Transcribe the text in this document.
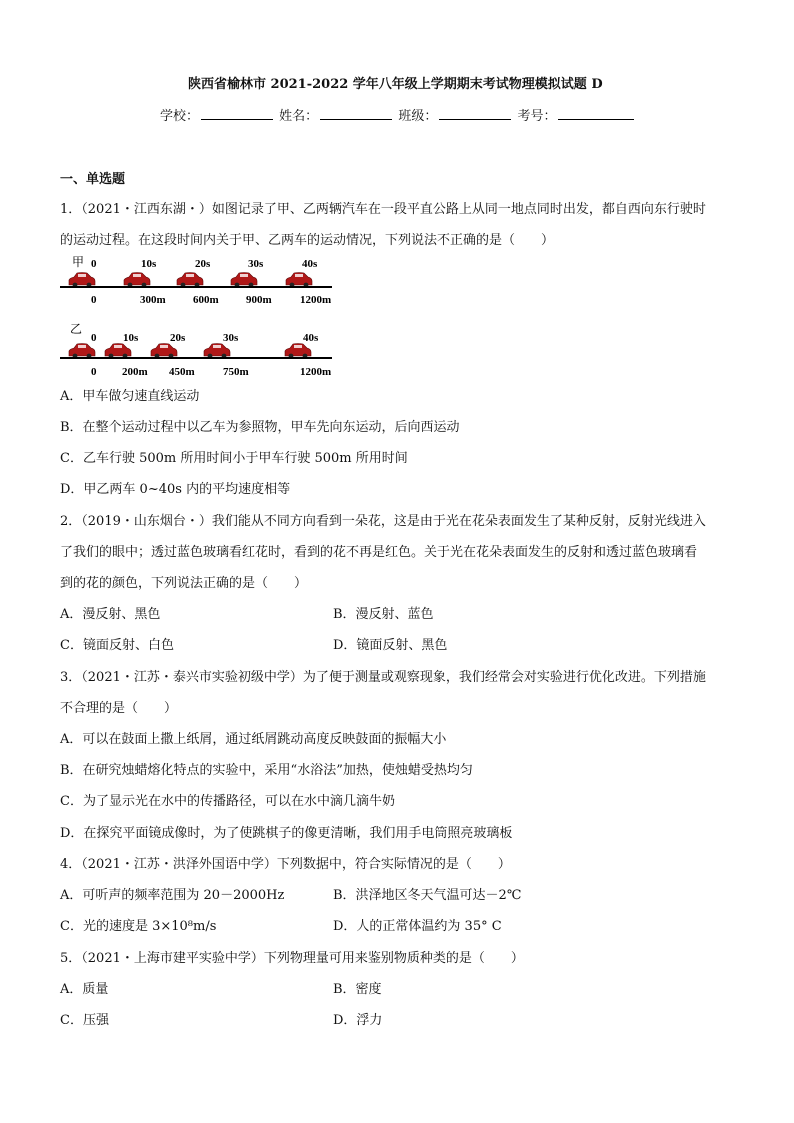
陕西省榆林市 2021-2022 学年八年级上学期期末考试物理模拟试题 D
学校：	姓名：	班级：	考号：
一、单选题
1．（2021・江西东湖・）如图记录了甲、乙两辆汽车在一段平直公路上从同一地点同时出发，都自西向东行驶时
的运动过程。在这段时间内关于甲、乙两车的运动情况，下列说法不正确的是（　　）
甲 0	10s	20s	30s	40s
0	300m 600m 900m	1200m
乙
0 10s	20s	30s	40s
0 200m 450m	750m	1200m
A．甲车做匀速直线运动
B．在整个运动过程中以乙车为参照物，甲车先向东运动，后向西运动
C．乙车行驶 500m 所用时间小于甲车行驶 500m 所用时间
D．甲乙两车 0~40s 内的平均速度相等
2．（2019・山东烟台・）我们能从不同方向看到一朵花，这是由于光在花朵表面发生了某种反射，反射光线进入
了我们的眼中；透过蓝色玻璃看红花时，看到的花不再是红色。关于光在花朵表面发生的反射和透过蓝色玻璃看
到的花的颜色，下列说法正确的是（　　）
A．漫反射、黑色	B．漫反射、蓝色
C．镜面反射、白色	D．镜面反射、黑色
3．（2021・江苏・泰兴市实验初级中学）为了便于测量或观察现象，我们经常会对实验进行优化改进。下列措施
不合理的是（　　）
A．可以在鼓面上撒上纸屑，通过纸屑跳动高度反映鼓面的振幅大小
B．在研究烛蜡熔化特点的实验中，采用“水浴法”加热，使烛蜡受热均匀
C．为了显示光在水中的传播路径，可以在水中滴几滴牛奶
D．在探究平面镜成像时，为了使跳棋子的像更清晰，我们用手电筒照亮玻璃板
4．（2021・江苏・洪泽外国语中学）下列数据中，符合实际情况的是（　　）
A．可听声的频率范围为 20－2000Hz	B．洪泽地区冬天气温可达－2℃
C．光的速度是 3×10⁸m/s	D．人的正常体温约为 35° C
5．（2021・上海市建平实验中学）下列物理量可用来鉴别物质种类的是（　　）
A．质量	B．密度
C．压强	D．浮力
